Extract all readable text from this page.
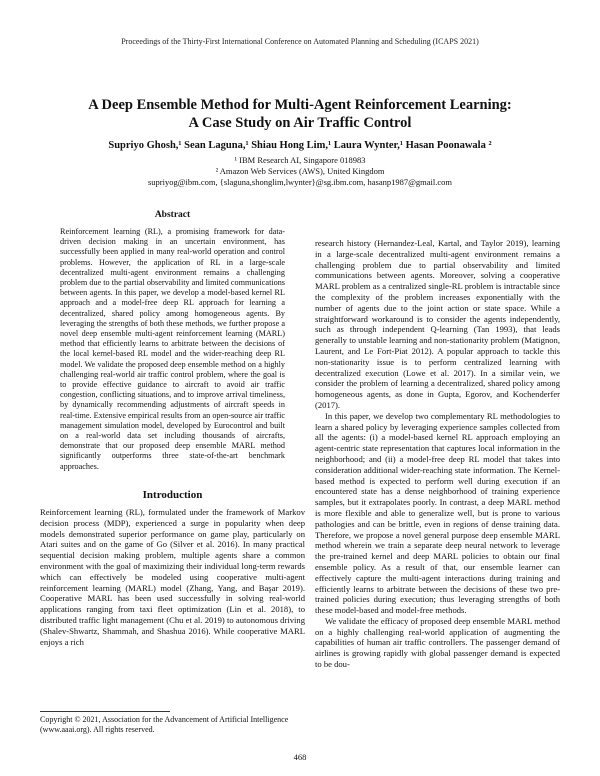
Proceedings of the Thirty-First International Conference on Automated Planning and Scheduling (ICAPS 2021)
A Deep Ensemble Method for Multi-Agent Reinforcement Learning:
A Case Study on Air Traffic Control
Supriyo Ghosh,¹ Sean Laguna,¹ Shiau Hong Lim,¹ Laura Wynter,¹ Hasan Poonawala ²
¹ IBM Research AI, Singapore 018983
² Amazon Web Services (AWS), United Kingdom
supriyog@ibm.com, {slaguna,shonglim,lwynter}@sg.ibm.com, hasanp1987@gmail.com
Abstract

Reinforcement learning (RL), a promising framework for data-driven decision making in an uncertain environment, has successfully been applied in many real-world operation and control problems. However, the application of RL in a large-scale decentralized multi-agent environment remains a challenging problem due to the partial observability and limited communications between agents. In this paper, we develop a model-based kernel RL approach and a model-free deep RL approach for learning a decentralized, shared policy among homogeneous agents. By leveraging the strengths of both these methods, we further propose a novel deep ensemble multi-agent reinforcement learning (MARL) method that efficiently learns to arbitrate between the decisions of the local kernel-based RL model and the wider-reaching deep RL model. We validate the proposed deep ensemble method on a highly challenging real-world air traffic control problem, where the goal is to provide effective guidance to aircraft to avoid air traffic congestion, conflicting situations, and to improve arrival timeliness, by dynamically recommending adjustments of aircraft speeds in real-time. Extensive empirical results from an open-source air traffic management simulation model, developed by Eurocontrol and built on a real-world data set including thousands of aircrafts, demonstrate that our proposed deep ensemble MARL method significantly outperforms three state-of-the-art benchmark approaches.

Introduction

Reinforcement learning (RL), formulated under the framework of Markov decision process (MDP), experienced a surge in popularity when deep models demonstrated superior performance on game play, particularly on Atari suites and on the game of Go (Silver et al. 2016). In many practical sequential decision making problem, multiple agents share a common environment with the goal of maximizing their individual long-term rewards which can effectively be modeled using cooperative multi-agent reinforcement learning (MARL) model (Zhang, Yang, and Başar 2019). Cooperative MARL has been used successfully in solving real-world applications ranging from taxi fleet optimization (Lin et al. 2018), to distributed traffic light management (Chu et al. 2019) to autonomous driving (Shalev-Shwartz, Shammah, and Shashua 2016). While cooperative MARL enjoys a rich

Copyright © 2021, Association for the Advancement of Artificial Intelligence (www.aaai.org). All rights reserved.

research history (Hernandez-Leal, Kartal, and Taylor 2019), learning in a large-scale decentralized multi-agent environment remains a challenging problem due to partial observability and limited communications between agents. Moreover, solving a cooperative MARL problem as a centralized single-RL problem is intractable since the complexity of the problem increases exponentially with the number of agents due to the joint action or state space. While a straightforward workaround is to consider the agents independently, such as through independent Q-learning (Tan 1993), that leads generally to unstable learning and non-stationarity problem (Matignon, Laurent, and Le Fort-Piat 2012). A popular approach to tackle this non-stationarity issue is to perform centralized learning with decentralized execution (Lowe et al. 2017). In a similar vein, we consider the problem of learning a decentralized, shared policy among homogeneous agents, as done in Gupta, Egorov, and Kochenderfer (2017).

In this paper, we develop two complementary RL methodologies to learn a shared policy by leveraging experience samples collected from all the agents: (i) a model-based kernel RL approach employing an agent-centric state representation that captures local information in the neighborhood; and (ii) a model-free deep RL model that takes into consideration additional wider-reaching state information. The Kernel-based method is expected to perform well during execution if an encountered state has a dense neighborhood of training experience samples, but it extrapolates poorly. In contrast, a deep MARL method is more flexible and able to generalize well, but is prone to various pathologies and can be brittle, even in regions of dense training data. Therefore, we propose a novel general purpose deep ensemble MARL method wherein we train a separate deep neural network to leverage the pre-trained kernel and deep MARL policies to obtain our final ensemble policy. As a result of that, our ensemble learner can effectively capture the multi-agent interactions during training and efficiently learns to arbitrate between the decisions of these two pre-trained policies during execution; thus leveraging strengths of both these model-based and model-free methods.

We validate the efficacy of proposed deep ensemble MARL method on a highly challenging real-world application of augmenting the capabilities of human air traffic controllers. The passenger demand of airlines is growing rapidly with global passenger demand is expected to be dou-

468
